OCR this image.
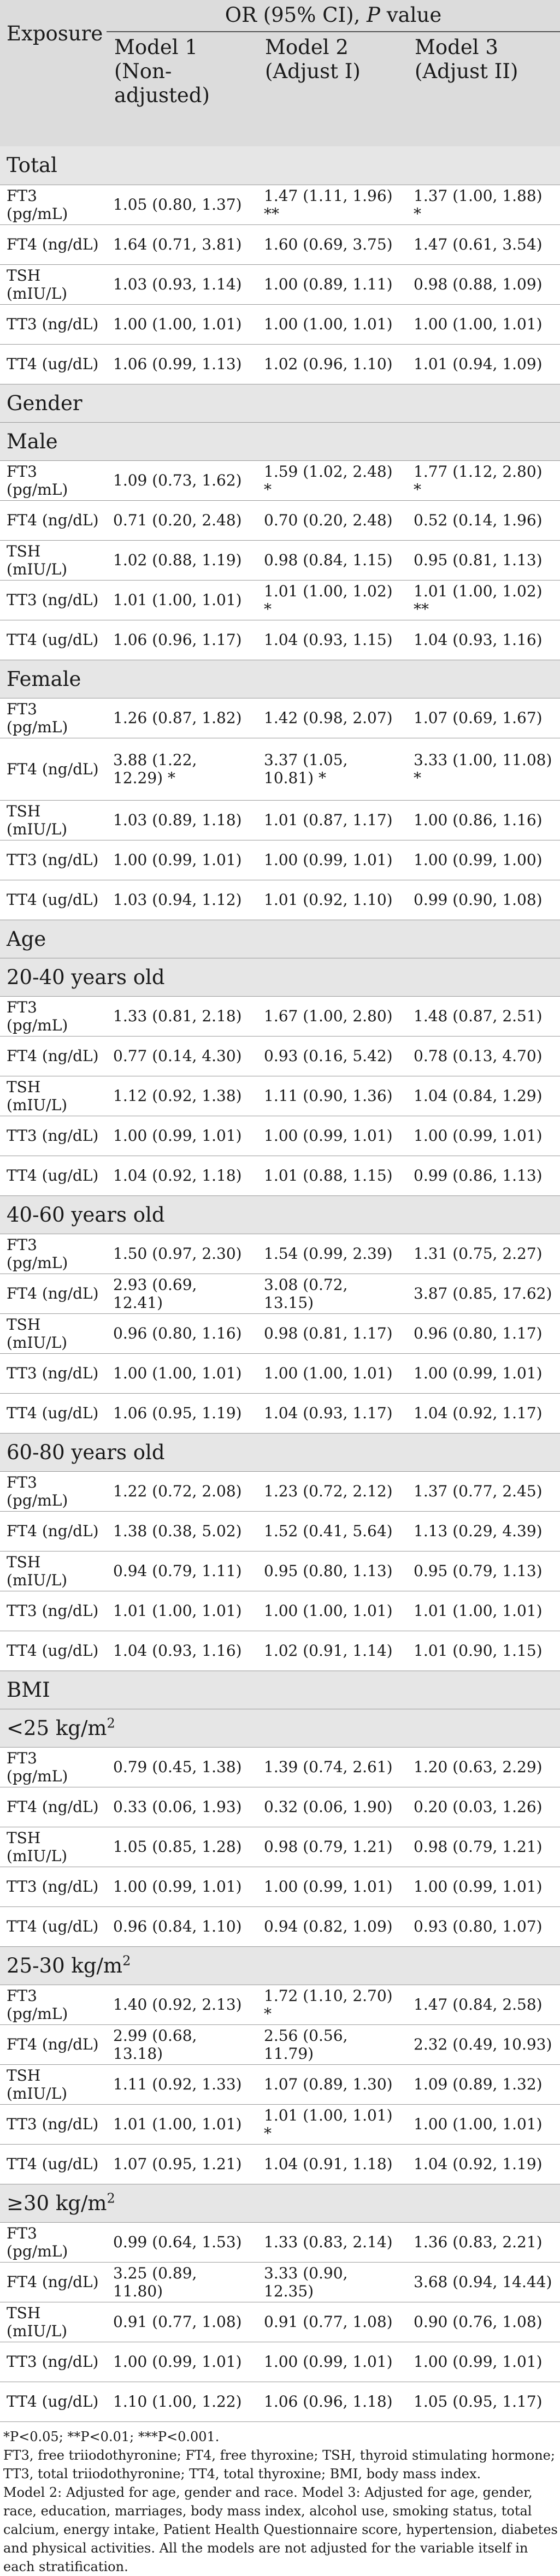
Exposure	OR (95% CI), P value		
	Model 1 (Non-adjusted)	Model 2 (Adjust I)	Model 3 (Adjust II)
Total			
FT3 (pg/mL)	1.05 (0.80, 1.37)	1.47 (1.11, 1.96) **	1.37 (1.00, 1.88) *
FT4 (ng/dL)	1.64 (0.71, 3.81)	1.60 (0.69, 3.75)	1.47 (0.61, 3.54)
TSH (mIU/L)	1.03 (0.93, 1.14)	1.00 (0.89, 1.11)	0.98 (0.88, 1.09)
TT3 (ng/dL)	1.00 (1.00, 1.01)	1.00 (1.00, 1.01)	1.00 (1.00, 1.01)
TT4 (ug/dL)	1.06 (0.99, 1.13)	1.02 (0.96, 1.10)	1.01 (0.94, 1.09)
Gender			
Male			
FT3 (pg/mL)	1.09 (0.73, 1.62)	1.59 (1.02, 2.48) *	1.77 (1.12, 2.80) *
FT4 (ng/dL)	0.71 (0.20, 2.48)	0.70 (0.20, 2.48)	0.52 (0.14, 1.96)
TSH (mIU/L)	1.02 (0.88, 1.19)	0.98 (0.84, 1.15)	0.95 (0.81, 1.13)
TT3 (ng/dL)	1.01 (1.00, 1.01)	1.01 (1.00, 1.02) *	1.01 (1.00, 1.02) **
TT4 (ug/dL)	1.06 (0.96, 1.17)	1.04 (0.93, 1.15)	1.04 (0.93, 1.16)
Female			
FT3 (pg/mL)	1.26 (0.87, 1.82)	1.42 (0.98, 2.07)	1.07 (0.69, 1.67)
FT4 (ng/dL)	3.88 (1.22, 12.29) *	3.37 (1.05, 10.81) *	3.33 (1.00, 11.08) *
TSH (mIU/L)	1.03 (0.89, 1.18)	1.01 (0.87, 1.17)	1.00 (0.86, 1.16)
TT3 (ng/dL)	1.00 (0.99, 1.01)	1.00 (0.99, 1.01)	1.00 (0.99, 1.00)
TT4 (ug/dL)	1.03 (0.94, 1.12)	1.01 (0.92, 1.10)	0.99 (0.90, 1.08)
Age			
20-40 years old			
FT3 (pg/mL)	1.33 (0.81, 2.18)	1.67 (1.00, 2.80)	1.48 (0.87, 2.51)
FT4 (ng/dL)	0.77 (0.14, 4.30)	0.93 (0.16, 5.42)	0.78 (0.13, 4.70)
TSH (mIU/L)	1.12 (0.92, 1.38)	1.11 (0.90, 1.36)	1.04 (0.84, 1.29)
TT3 (ng/dL)	1.00 (0.99, 1.01)	1.00 (0.99, 1.01)	1.00 (0.99, 1.01)
TT4 (ug/dL)	1.04 (0.92, 1.18)	1.01 (0.88, 1.15)	0.99 (0.86, 1.13)
40-60 years old			
FT3 (pg/mL)	1.50 (0.97, 2.30)	1.54 (0.99, 2.39)	1.31 (0.75, 2.27)
FT4 (ng/dL)	2.93 (0.69, 12.41)	3.08 (0.72, 13.15)	3.87 (0.85, 17.62)
TSH (mIU/L)	0.96 (0.80, 1.16)	0.98 (0.81, 1.17)	0.96 (0.80, 1.17)
TT3 (ng/dL)	1.00 (1.00, 1.01)	1.00 (1.00, 1.01)	1.00 (0.99, 1.01)
TT4 (ug/dL)	1.06 (0.95, 1.19)	1.04 (0.93, 1.17)	1.04 (0.92, 1.17)
60-80 years old			
FT3 (pg/mL)	1.22 (0.72, 2.08)	1.23 (0.72, 2.12)	1.37 (0.77, 2.45)
FT4 (ng/dL)	1.38 (0.38, 5.02)	1.52 (0.41, 5.64)	1.13 (0.29, 4.39)
TSH (mIU/L)	0.94 (0.79, 1.11)	0.95 (0.80, 1.13)	0.95 (0.79, 1.13)
TT3 (ng/dL)	1.01 (1.00, 1.01)	1.00 (1.00, 1.01)	1.01 (1.00, 1.01)
TT4 (ug/dL)	1.04 (0.93, 1.16)	1.02 (0.91, 1.14)	1.01 (0.90, 1.15)
BMI			
<25 $kg/m^2$
FT3 (pg/mL)	0.79 (0.45, 1.38)	1.39 (0.74, 2.61)	1.20 (0.63, 2.29)
FT4 (ng/dL)	0.33 (0.06, 1.93)	0.32 (0.06, 1.90)	0.20 (0.03, 1.26)
TSH (mIU/L)	1.05 (0.85, 1.28)	0.98 (0.79, 1.21)	0.98 (0.79, 1.21)
TT3 (ng/dL)	1.00 (0.99, 1.01)	1.00 (0.99, 1.01)	1.00 (0.99, 1.01)
TT4 (ug/dL)	0.96 (0.84, 1.10)	0.94 (0.82, 1.09)	0.93 (0.80, 1.07)
25-30 $kg/m^2$
FT3 (pg/mL)	1.40 (0.92, 2.13)	1.72 (1.10, 2.70) *	1.47 (0.84, 2.58)
FT4 (ng/dL)	2.99 (0.68, 13.18)	2.56 (0.56, 11.79)	2.32 (0.49, 10.93)
TSH (mIU/L)	1.11 (0.92, 1.33)	1.07 (0.89, 1.30)	1.09 (0.89, 1.32)
TT3 (ng/dL)	1.01 (1.00, 1.01)	1.01 (1.00, 1.01) *	1.00 (1.00, 1.01)
TT4 (ug/dL)	1.07 (0.95, 1.21)	1.04 (0.91, 1.18)	1.04 (0.92, 1.19)
≥30 $kg/m^2$
FT3 (pg/mL)	0.99 (0.64, 1.53)	1.33 (0.83, 2.14)	1.36 (0.83, 2.21)
FT4 (ng/dL)	3.25 (0.89, 11.80)	3.33 (0.90, 12.35)	3.68 (0.94, 14.44)
TSH (mIU/L)	0.91 (0.77, 1.08)	0.91 (0.77, 1.08)	0.90 (0.76, 1.08)
TT3 (ng/dL)	1.00 (0.99, 1.01)	1.00 (0.99, 1.01)	1.00 (0.99, 1.01)
TT4 (ug/dL)	1.10 (1.00, 1.22)	1.06 (0.96, 1.18)	1.05 (0.95, 1.17)

*P<0.05; **P<0.01; ***P<0.001.

FT3, free triiodothyronine; FT4, free thyroxine; TSH, thyroid stimulating hormone; TT3, total triiodothyronine; TT4, total thyroxine; BMI, body mass index.

Model 2: Adjusted for age, gender and race. Model 3: Adjusted for age, gender, race, education, marriages, body mass index, alcohol use, smoking status, total calcium, energy intake, Patient Health Questionnaire score, hypertension, diabetes and physical activities. All the models are not adjusted for the variable itself in each stratification.
